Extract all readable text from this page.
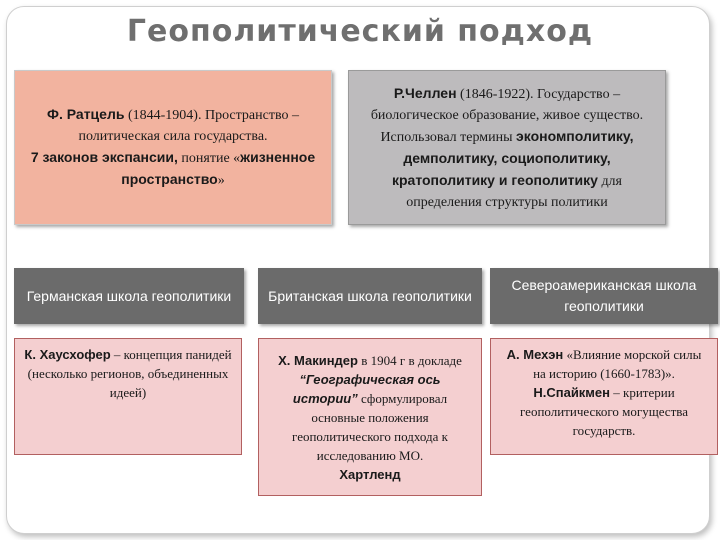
Геополитический подход
Ф. Ратцель (1844-1904). Пространство – политическая сила государства.
7 законов экспансии, понятие «жизненное пространство»
Р.Челлен (1846-1922). Государство – биологическое образование, живое существо. Использовал термины экономполитику, демполитику, социополитику, кратополитику и геополитику для определения структуры политики
Германская школа геополитики	Британская школа геополитики
Североамериканская школа геополитики
К. Хаусхофер – концепция панидей (несколько регионов, объединенных идеей)
Х. Макиндер в 1904 г в докладе “Географическая ось истории” сформулировал основные положения геополитического подхода к исследованию МО.
Хартленд
А. Мехэн «Влияние морской силы на историю (1660-1783)».
Н.Спайкмен – критерии геополитического могущества государств.
